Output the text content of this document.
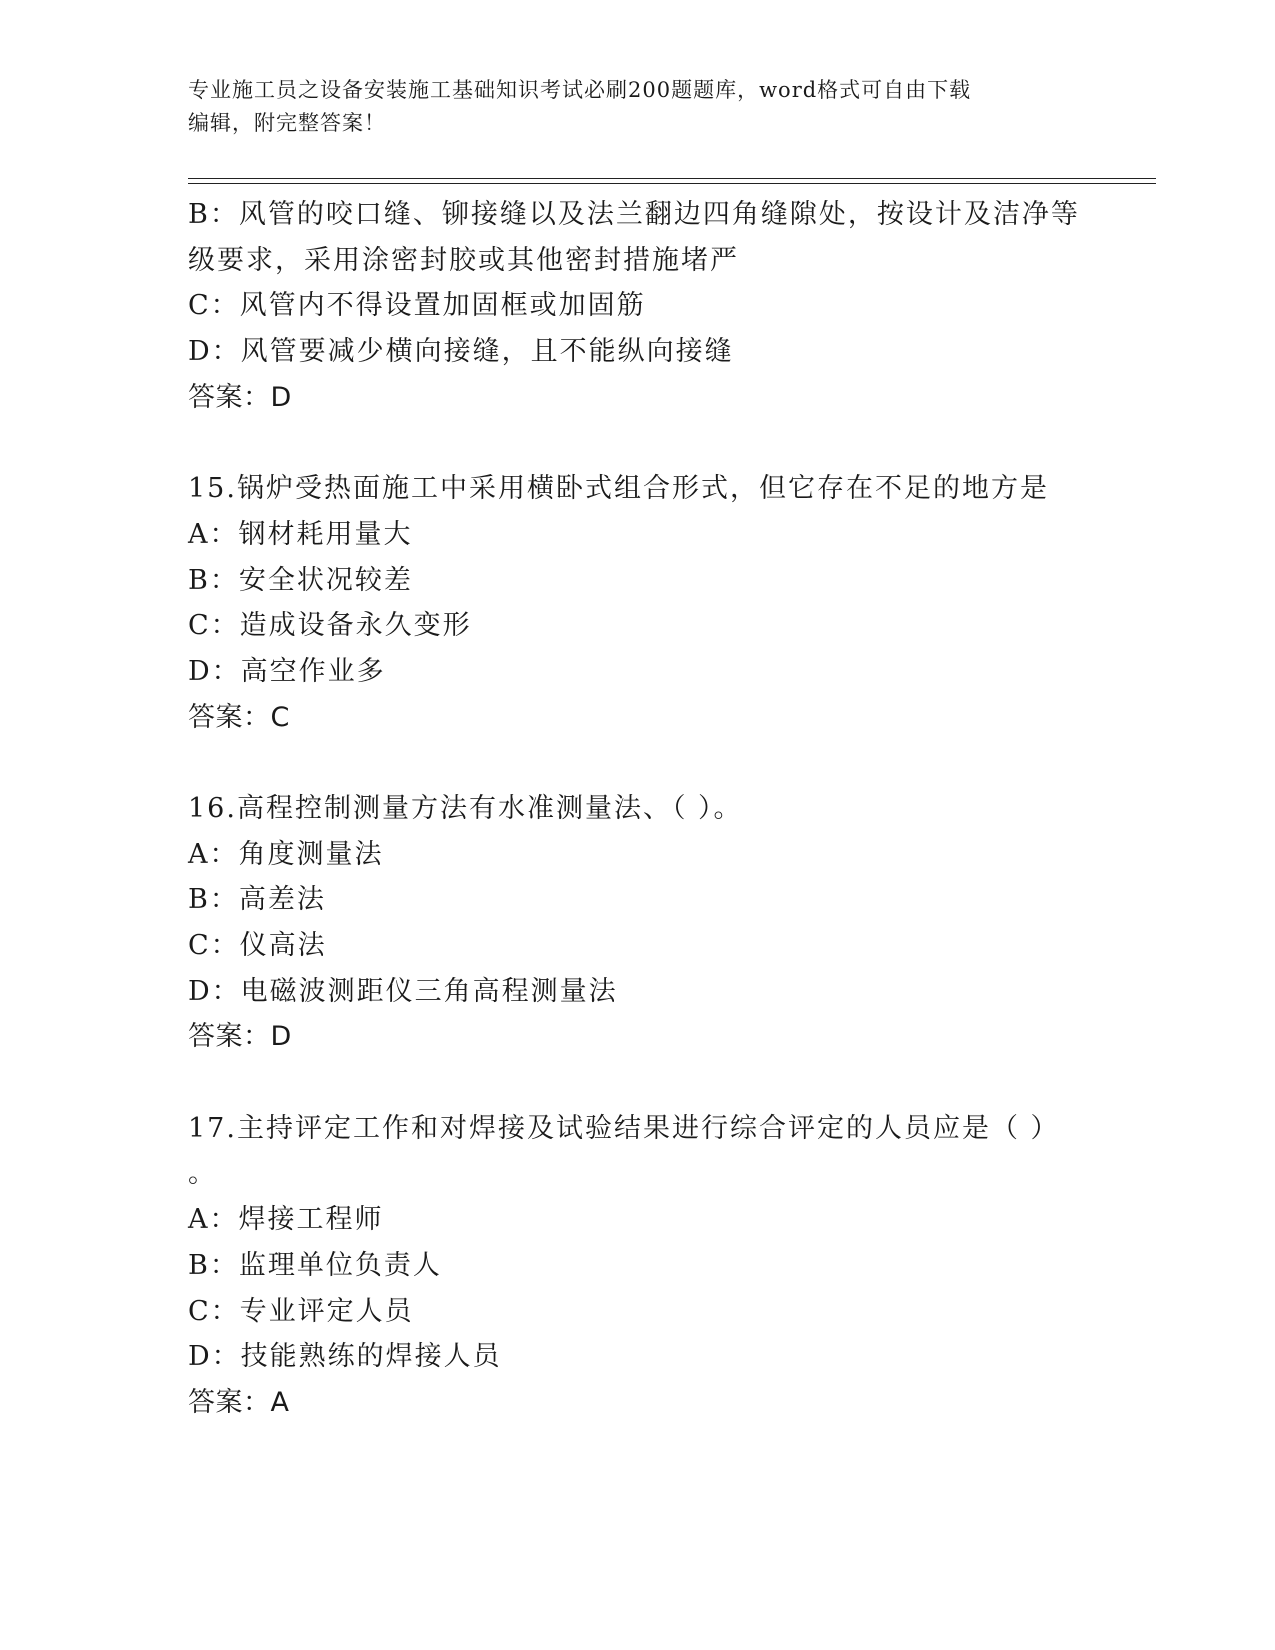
专业施工员之设备安装施工基础知识考试必刷200题题库，word格式可自由下载
编辑，附完整答案！
B：风管的咬口缝、铆接缝以及法兰翻边四角缝隙处，按设计及洁净等
级要求，采用涂密封胶或其他密封措施堵严
C：风管内不得设置加固框或加固筋
D：风管要减少横向接缝，且不能纵向接缝
答案：D
15.锅炉受热面施工中采用横卧式组合形式，但它存在不足的地方是
A：钢材耗用量大
B：安全状况较差
C：造成设备永久变形
D：高空作业多
答案：C
16.高程控制测量方法有水准测量法、（ ）。
A：角度测量法
B：高差法
C：仪高法
D：电磁波测距仪三角高程测量法
答案：D
17.主持评定工作和对焊接及试验结果进行综合评定的人员应是（ ）
。
A：焊接工程师
B：监理单位负责人
C：专业评定人员
D：技能熟练的焊接人员
答案：A
